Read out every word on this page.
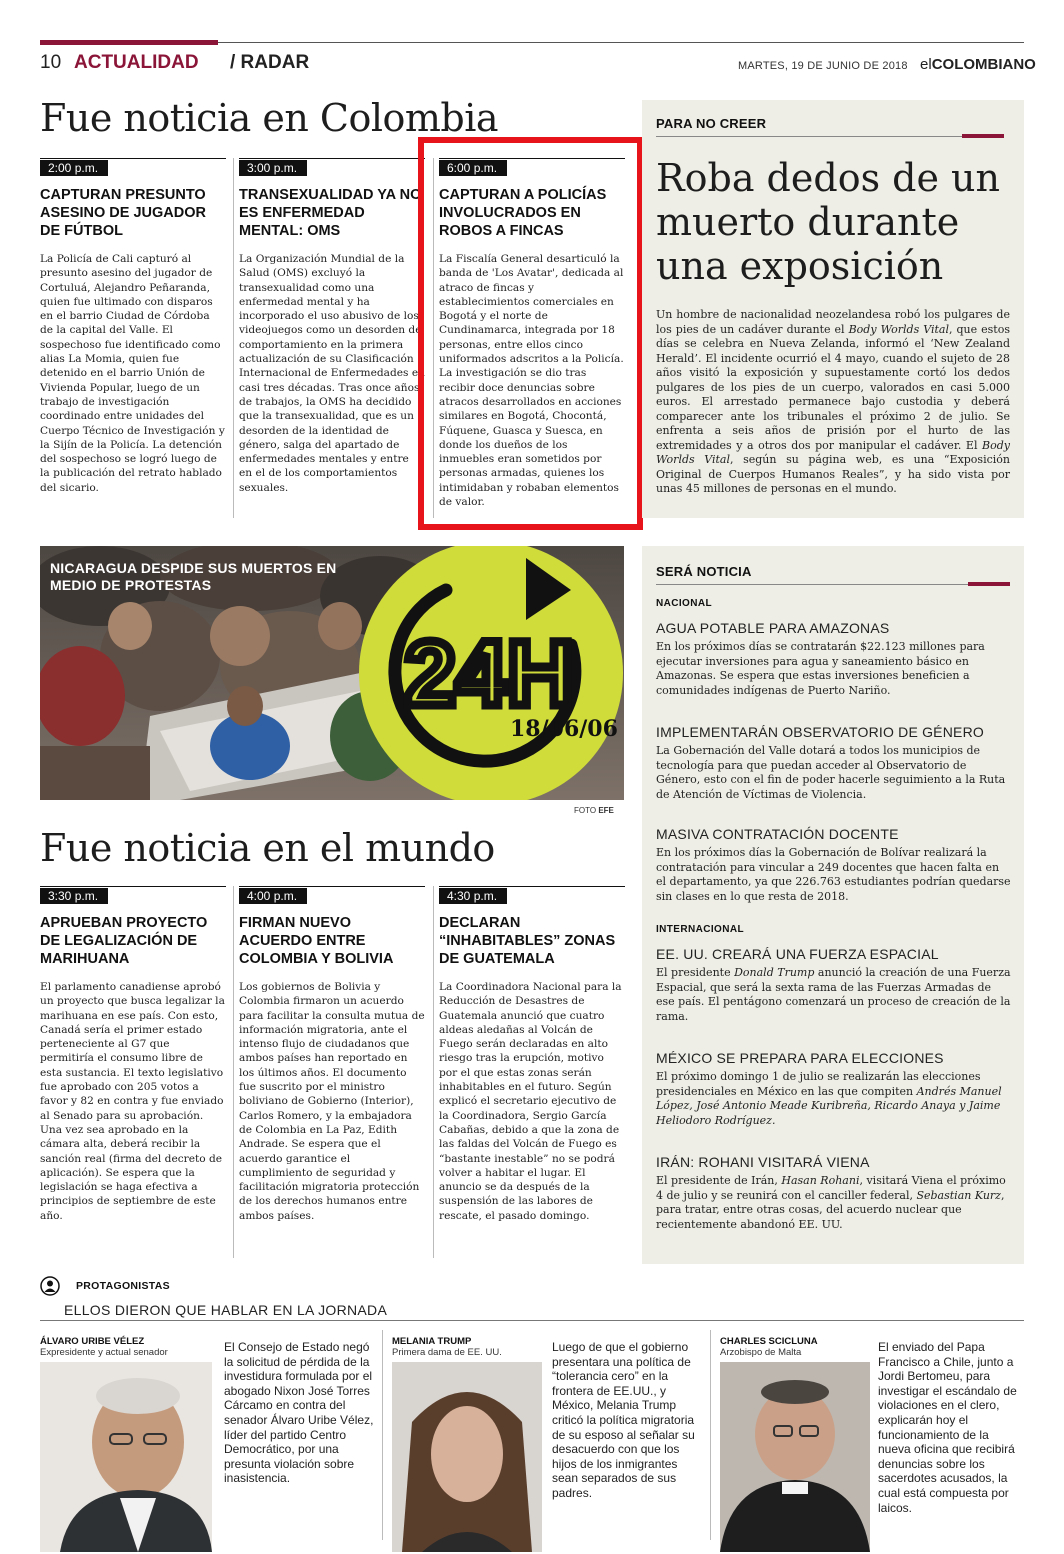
10 ACTUALIDAD / RADAR	MARTES, 19 DE JUNIO DE 2018 elCOLOMBIANO
Fue noticia en Colombia
2:00 p.m.
CAPTURAN PRESUNTO ASESINO DE JUGADOR DE FÚTBOL
La Policía de Cali capturó al presunto asesino del jugador de Cortuluá, Alejandro Peñaranda, quien fue ultimado con disparos en el barrio Ciudad de Córdoba de la capital del Valle. El sospechoso fue identificado como alias La Momia, quien fue detenido en el barrio Unión de Vivienda Popular, luego de un trabajo de investigación coordinado entre unidades del Cuerpo Técnico de Investigación y la Sijín de la Policía. La detención del sospechoso se logró luego de la publicación del retrato hablado del sicario.
3:00 p.m.
TRANSEXUALIDAD YA NO ES ENFERMEDAD MENTAL: OMS
La Organización Mundial de la Salud (OMS) excluyó la transexualidad como una enfermedad mental y ha incorporado el uso abusivo de los videojuegos como un desorden de comportamiento en la primera actualización de su Clasificación Internacional de Enfermedades en casi tres décadas. Tras once años de trabajos, la OMS ha decidido que la transexualidad, que es un desorden de la identidad de género, salga del apartado de enfermedades mentales y entre en el de los comportamientos sexuales.
6:00 p.m.
CAPTURAN A POLICÍAS INVOLUCRADOS EN ROBOS A FINCAS
La Fiscalía General desarticuló la banda de 'Los Avatar', dedicada al atraco de fincas y establecimientos comerciales en Bogotá y el norte de Cundinamarca, integrada por 18 personas, entre ellos cinco uniformados adscritos a la Policía. La investigación se dio tras recibir doce denuncias sobre atracos desarrollados en acciones similares en Bogotá, Chocontá, Fúquene, Guasca y Suesca, en donde los dueños de los inmuebles eran sometidos por personas armadas, quienes los intimidaban y robaban elementos de valor.
PARA NO CREER
Roba dedos de un muerto durante una exposición
Un hombre de nacionalidad neozelandesa robó los pulgares de los pies de un cadáver durante el Body Worlds Vital, que estos días se celebra en Nueva Zelanda, informó el ‘New Zealand Herald’. El incidente ocurrió el 4 mayo, cuando el sujeto de 28 años visitó la exposición y supuestamente cortó los dedos pulgares de los pies de un cuerpo, valorados en casi 5.000 euros. El arrestado permanece bajo custodia y deberá comparecer ante los tribunales el próximo 2 de julio. Se enfrenta a seis años de prisión por el hurto de las extremidades y a otros dos por manipular el cadáver. El Body Worlds Vital, según su página web, es una “Exposición Original de Cuerpos Humanos Reales”, y ha sido vista por unas 45 millones de personas en el mundo.
NICARAGUA DESPIDE SUS MUERTOS EN MEDIO DE PROTESTAS
24H
18/06/06
FOTO EFE
Fue noticia en el mundo
3:30 p.m.
APRUEBAN PROYECTO DE LEGALIZACIÓN DE MARIHUANA
El parlamento canadiense aprobó un proyecto que busca legalizar la marihuana en ese país. Con esto, Canadá sería el primer estado perteneciente al G7 que permitiría el consumo libre de esta sustancia. El texto legislativo fue aprobado con 205 votos a favor y 82 en contra y fue enviado al Senado para su aprobación. Una vez sea aprobado en la cámara alta, deberá recibir la sanción real (firma del decreto de aplicación). Se espera que la legislación se haga efectiva a principios de septiembre de este año.
4:00 p.m.
FIRMAN NUEVO ACUERDO ENTRE COLOMBIA Y BOLIVIA
Los gobiernos de Bolivia y Colombia firmaron un acuerdo para facilitar la consulta mutua de información migratoria, ante el intenso flujo de ciudadanos que ambos países han reportado en los últimos años. El documento fue suscrito por el ministro boliviano de Gobierno (Interior), Carlos Romero, y la embajadora de Colombia en La Paz, Edith Andrade. Se espera que el acuerdo garantice el cumplimiento de seguridad y facilitación migratoria protección de los derechos humanos entre ambos países.
4:30 p.m.
DECLARAN “INHABITABLES” ZONAS DE GUATEMALA
La Coordinadora Nacional para la Reducción de Desastres de Guatemala anunció que cuatro aldeas aledañas al Volcán de Fuego serán declaradas en alto riesgo tras la erupción, motivo por el que estas zonas serán inhabitables en el futuro. Según explicó el secretario ejecutivo de la Coordinadora, Sergio García Cabañas, debido a que la zona de las faldas del Volcán de Fuego es “bastante inestable” no se podrá volver a habitar el lugar. El anuncio se da después de la suspensión de las labores de rescate, el pasado domingo.
SERÁ NOTICIA
NACIONAL
AGUA POTABLE PARA AMAZONAS
En los próximos días se contratarán $22.123 millones para ejecutar inversiones para agua y saneamiento básico en Amazonas. Se espera que estas inversiones beneficien a comunidades indígenas de Puerto Nariño.
IMPLEMENTARÁN OBSERVATORIO DE GÉNERO
La Gobernación del Valle dotará a todos los municipios de tecnología para que puedan acceder al Observatorio de Género, esto con el fin de poder hacerle seguimiento a la Ruta de Atención de Víctimas de Violencia.
MASIVA CONTRATACIÓN DOCENTE
En los próximos días la Gobernación de Bolívar realizará la contratación para vincular a 249 docentes que hacen falta en el departamento, ya que 226.763 estudiantes podrían quedarse sin clases en lo que resta de 2018.
INTERNACIONAL
EE. UU. CREARÁ UNA FUERZA ESPACIAL
El presidente Donald Trump anunció la creación de una Fuerza Espacial, que será la sexta rama de las Fuerzas Armadas de ese país. El pentágono comenzará un proceso de creación de la rama.
MÉXICO SE PREPARA PARA ELECCIONES
El próximo domingo 1 de julio se realizarán las elecciones presidenciales en México en las que compiten Andrés Manuel López, José Antonio Meade Kuribreña, Ricardo Anaya y Jaime Heliodoro Rodríguez.
IRÁN: ROHANI VISITARÁ VIENA
El presidente de Irán, Hasan Rohani, visitará Viena el próximo 4 de julio y se reunirá con el canciller federal, Sebastian Kurz, para tratar, entre otras cosas, del acuerdo nuclear que recientemente abandonó EE. UU.
PROTAGONISTAS
ELLOS DIERON QUE HABLAR EN LA JORNADA
ÁLVARO URIBE VÉLEZ
Expresidente y actual senador	El Consejo de Estado negó la solicitud de pérdida de la investidura formulada por el abogado Nixon José Torres Cárcamo en contra del senador Álvaro Uribe Vélez, líder del partido Centro Democrático, por una presunta violación sobre inasistencia.
MELANIA TRUMP
Primera dama de EE. UU.	Luego de que el gobierno presentara una política de “tolerancia cero” en la frontera de EE.UU., y México, Melania Trump criticó la política migratoria de su esposo al señalar su desacuerdo con que los hijos de los inmigrantes sean separados de sus padres.
CHARLES SCICLUNA
Arzobispo de Malta	El enviado del Papa Francisco a Chile, junto a Jordi Bertomeu, para investigar el escándalo de violaciones en el clero, explicarán hoy el funcionamiento de la nueva oficina que recibirá denuncias sobre los sacerdotes acusados, la cual está compuesta por laicos.
